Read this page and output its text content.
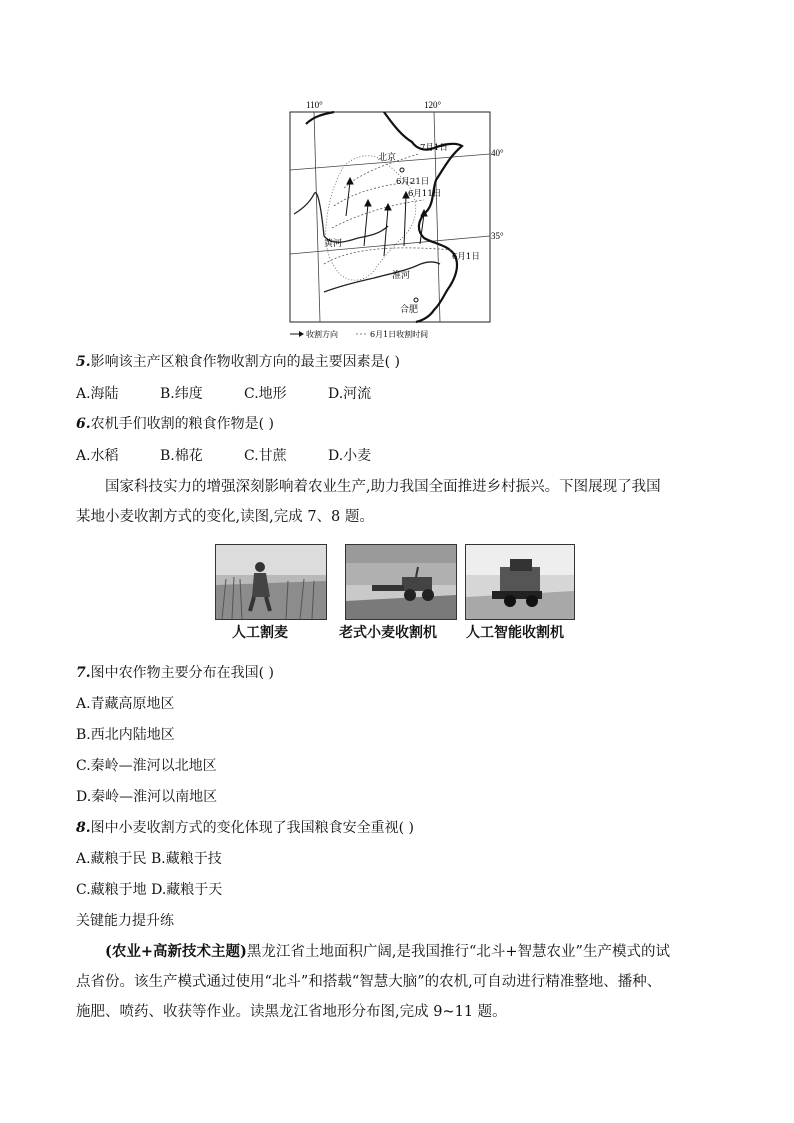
110°	120°
40°
35°
北京
黄河
淮河
合肥
7月1日
6月21日
6月11日
6月1日
收割方向	6月1日收割时间
5.影响该主产区粮食作物收割方向的最主要因素是( )
A.海陆	B.纬度	C.地形	D.河流
6.农机手们收割的粮食作物是( )
A.水稻	B.棉花	C.甘蔗	D.小麦
国家科技实力的增强深刻影响着农业生产,助力我国全面推进乡村振兴。下图展现了我国
某地小麦收割方式的变化,读图,完成 7、8 题。
人工割麦	老式小麦收割机 人工智能收割机
7.图中农作物主要分布在我国( )
A.青藏高原地区
B.西北内陆地区
C.秦岭—淮河以北地区
D.秦岭—淮河以南地区
8.图中小麦收割方式的变化体现了我国粮食安全重视( )
A.藏粮于民 B.藏粮于技
C.藏粮于地 D.藏粮于天
关键能力提升练
(农业+高新技术主题)黑龙江省土地面积广阔,是我国推行“北斗+智慧农业”生产模式的试
点省份。该生产模式通过使用“北斗”和搭载“智慧大脑”的农机,可自动进行精准整地、播种、
施肥、喷药、收获等作业。读黑龙江省地形分布图,完成 9~11 题。
